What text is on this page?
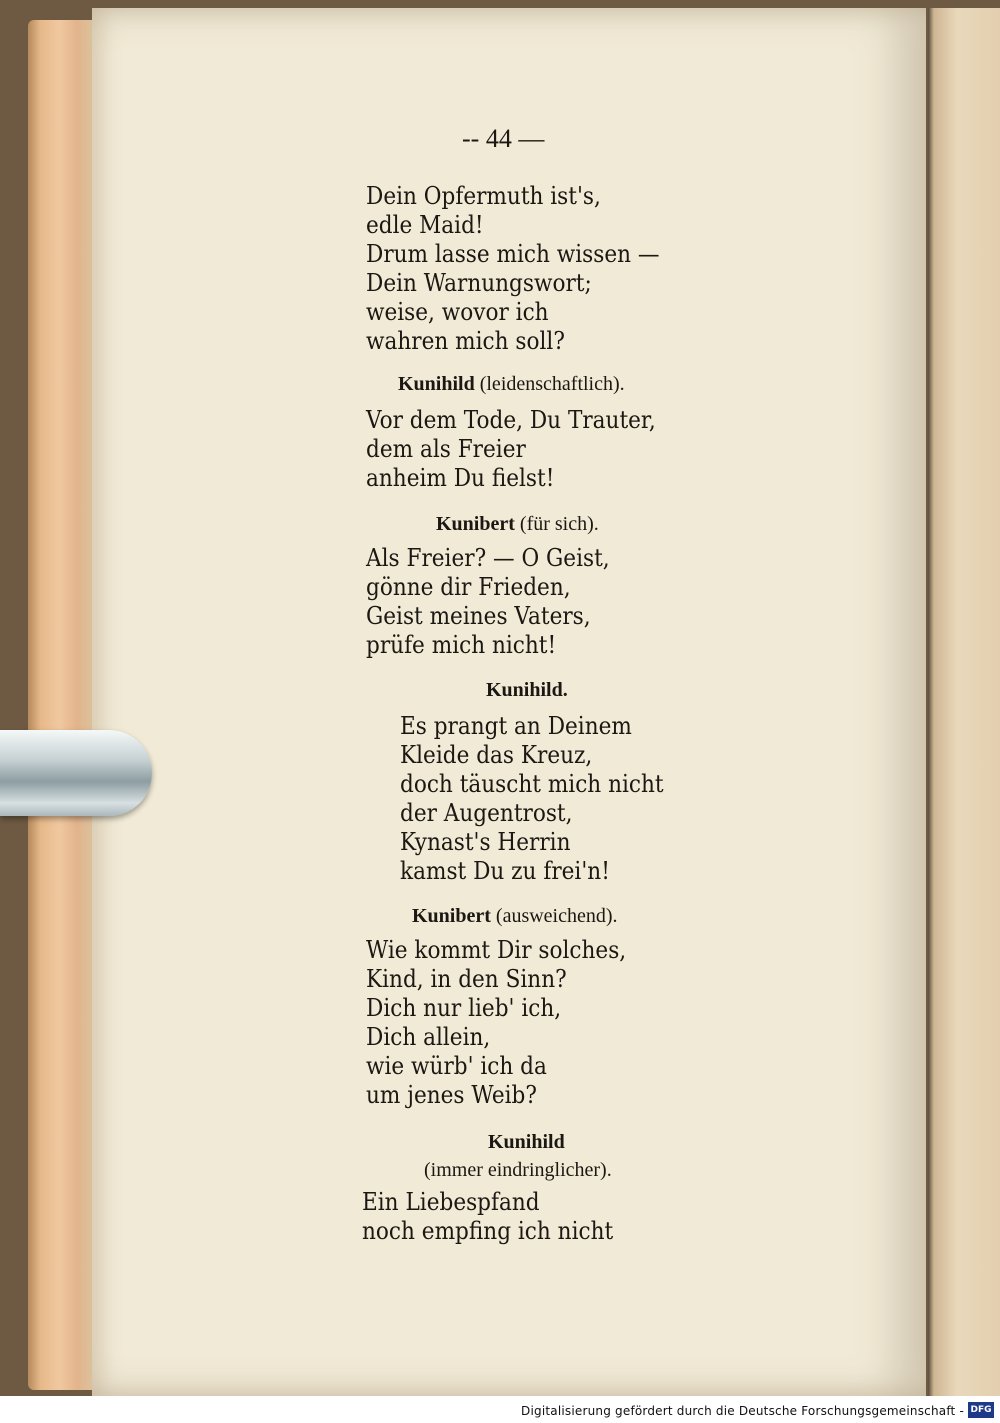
-- 44 —
Dein Opfermuth ist's,
edle Maid!
Drum lasse mich wissen —
Dein Warnungswort;
weise, wovor ich
wahren mich soll?
Kunihild (leidenschaftlich).
Vor dem Tode, Du Trauter,
dem als Freier
anheim Du fielst!
Kunibert (für sich).
Als Freier? — O Geist,
gönne dir Frieden,
Geist meines Vaters,
prüfe mich nicht!
Kunihild.
Es prangt an Deinem
Kleide das Kreuz,
doch täuscht mich nicht
der Augentrost,
Kynast's Herrin
kamst Du zu frei'n!
Kunibert (ausweichend).
Wie kommt Dir solches,
Kind, in den Sinn?
Dich nur lieb' ich,
Dich allein,
wie würb' ich da
um jenes Weib?
Kunihild
(immer eindringlicher).
Ein Liebespfand
noch empfing ich nicht
Digitalisierung gefördert durch die Deutsche Forschungsgemeinschaft - DFG
